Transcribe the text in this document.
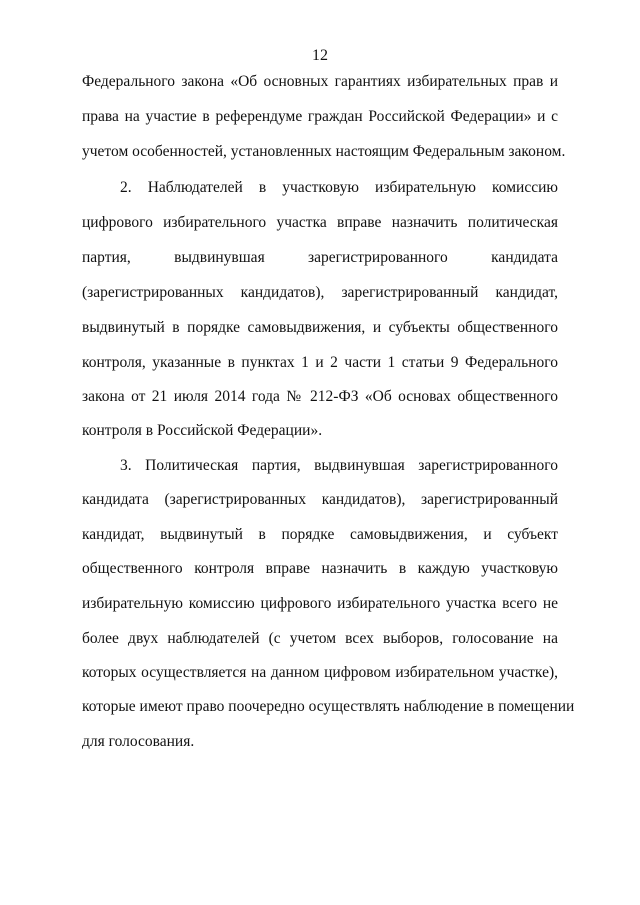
12
Федерального закона «Об основных гарантиях избирательных прав и
права на участие в референдуме граждан Российской Федерации» и с
учетом особенностей, установленных настоящим Федеральным законом.
2. Наблюдателей в участковую избирательную комиссию
цифрового избирательного участка вправе назначить политическая
партия, выдвинувшая зарегистрированного кандидата
(зарегистрированных кандидатов), зарегистрированный кандидат,
выдвинутый в порядке самовыдвижения, и субъекты общественного
контроля, указанные в пунктах 1 и 2 части 1 статьи 9 Федерального
закона от 21 июля 2014 года № 212-ФЗ «Об основах общественного
контроля в Российской Федерации».
3. Политическая партия, выдвинувшая зарегистрированного
кандидата (зарегистрированных кандидатов), зарегистрированный
кандидат, выдвинутый в порядке самовыдвижения, и субъект
общественного контроля вправе назначить в каждую участковую
избирательную комиссию цифрового избирательного участка всего не
более двух наблюдателей (с учетом всех выборов, голосование на
которых осуществляется на данном цифровом избирательном участке),
которые имеют право поочередно осуществлять наблюдение в помещении
для голосования.
